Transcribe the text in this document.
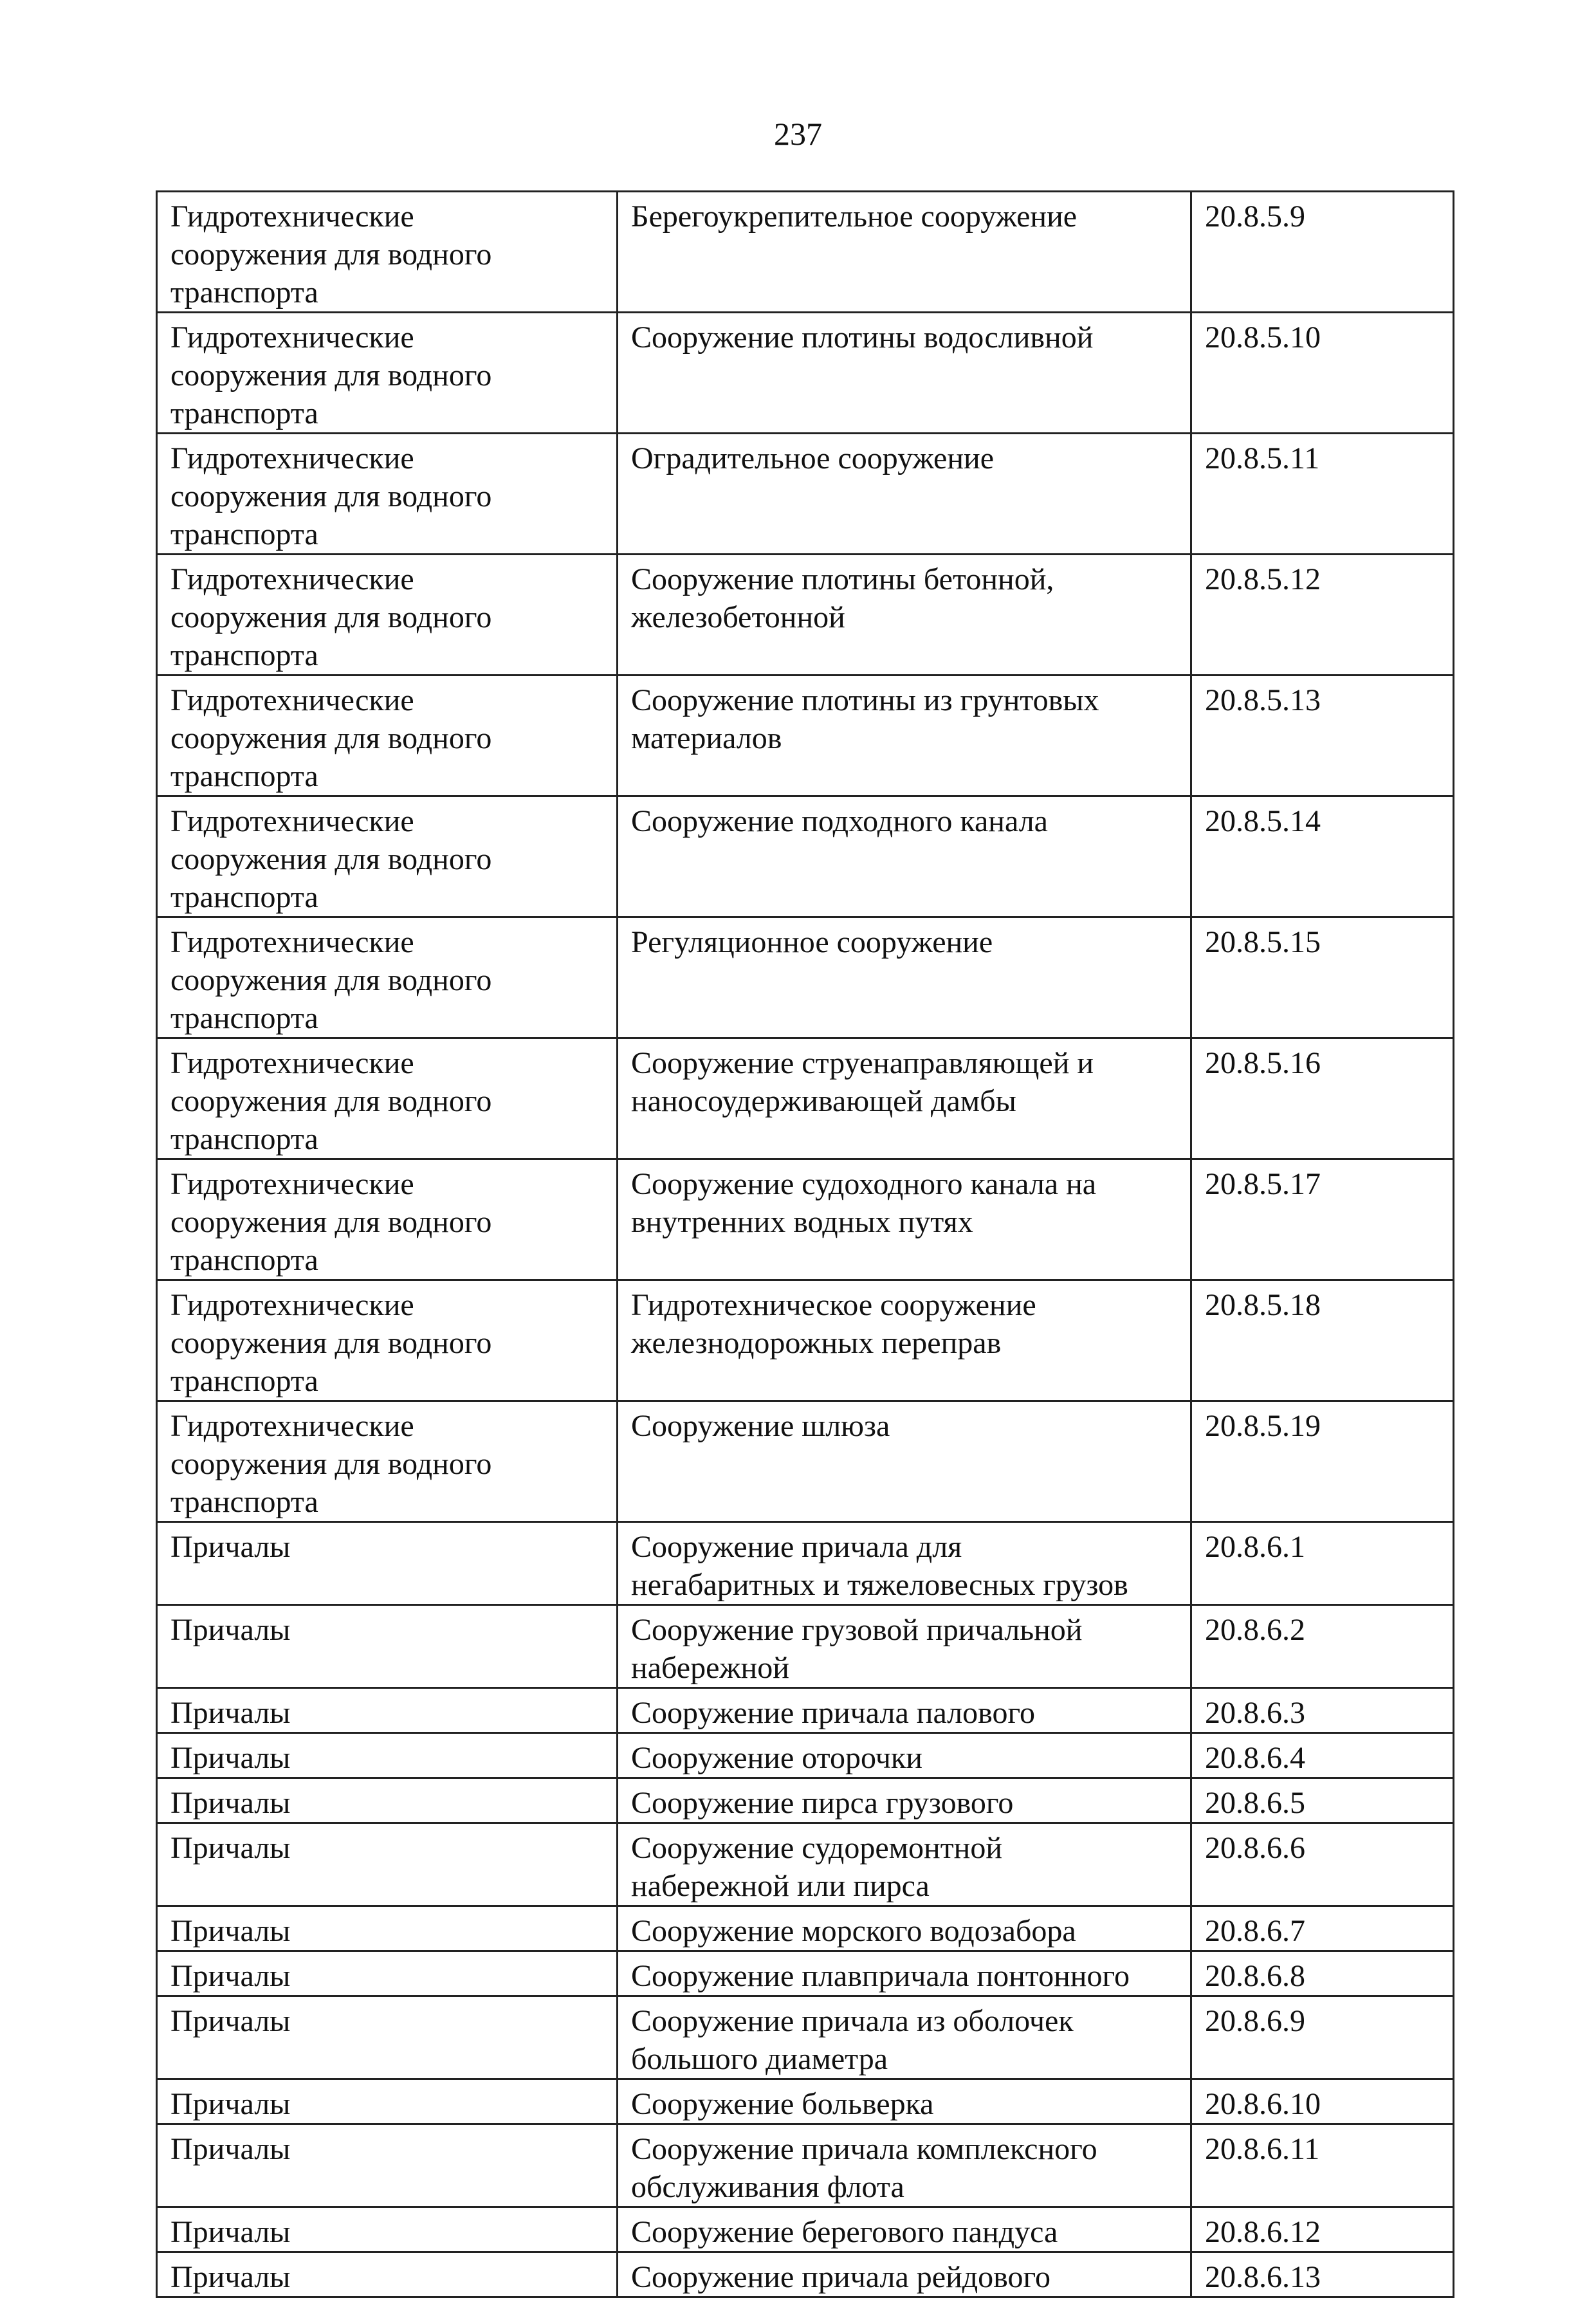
237
Гидротехнические
сооружения для водного
транспорта	Берегоукрепительное сооружение	20.8.5.9
Гидротехнические
сооружения для водного
транспорта	Сооружение плотины водосливной	20.8.5.10
Гидротехнические
сооружения для водного
транспорта	Оградительное сооружение	20.8.5.11
Гидротехнические
сооружения для водного
транспорта	Сооружение плотины бетонной,
железобетонной	20.8.5.12
Гидротехнические
сооружения для водного
транспорта	Сооружение плотины из грунтовых
материалов	20.8.5.13
Гидротехнические
сооружения для водного
транспорта	Сооружение подходного канала	20.8.5.14
Гидротехнические
сооружения для водного
транспорта	Регуляционное сооружение	20.8.5.15
Гидротехнические
сооружения для водного
транспорта	Сооружение струенаправляющей и
наносоудерживающей дамбы	20.8.5.16
Гидротехнические
сооружения для водного
транспорта	Сооружение судоходного канала на
внутренних водных путях	20.8.5.17
Гидротехнические
сооружения для водного
транспорта	Гидротехническое сооружение
железнодорожных переправ	20.8.5.18
Гидротехнические
сооружения для водного
транспорта	Сооружение шлюза	20.8.5.19
Причалы	Сооружение причала для
негабаритных и тяжеловесных грузов	20.8.6.1
Причалы	Сооружение грузовой причальной
набережной	20.8.6.2
Причалы	Сооружение причала палового	20.8.6.3
Причалы	Сооружение оторочки	20.8.6.4
Причалы	Сооружение пирса грузового	20.8.6.5
Причалы	Сооружение судоремонтной
набережной или пирса	20.8.6.6
Причалы	Сооружение морского водозабора	20.8.6.7
Причалы	Сооружение плавпричала понтонного	20.8.6.8
Причалы	Сооружение причала из оболочек
большого диаметра	20.8.6.9
Причалы	Сооружение больверка	20.8.6.10
Причалы	Сооружение причала комплексного
обслуживания флота	20.8.6.11
Причалы	Сооружение берегового пандуса	20.8.6.12
Причалы	Сооружение причала рейдового	20.8.6.13
